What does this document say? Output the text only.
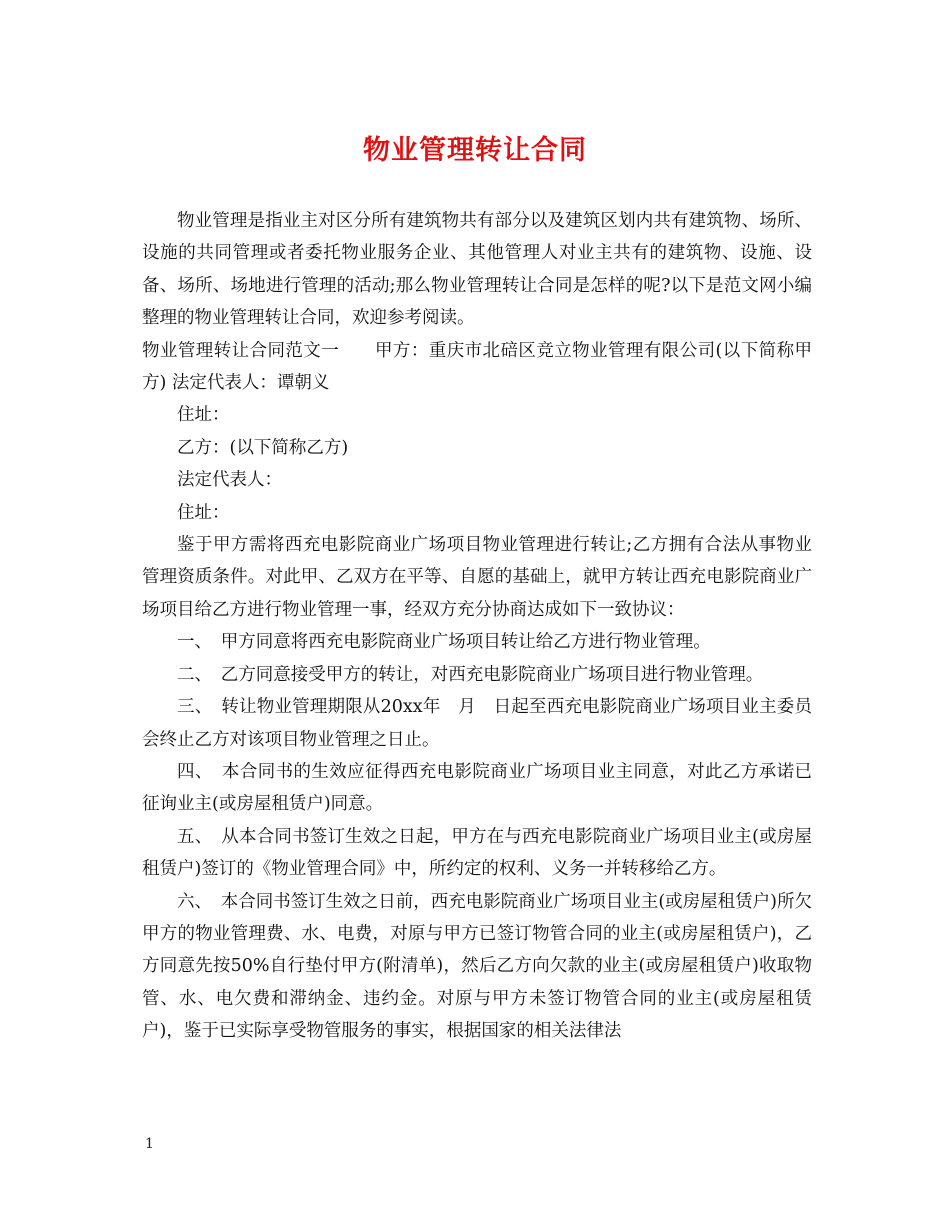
物业管理转让合同

物业管理是指业主对区分所有建筑物共有部分以及建筑区划内共有建筑物、场所、设施的共同管理或者委托物业服务企业、其他管理人对业主共有的建筑物、设施、设备、场所、场地进行管理的活动;那么物业管理转让合同是怎样的呢?以下是范文网小编整理的物业管理转让合同，欢迎参考阅读。

物业管理转让合同范文一　　甲方：重庆市北碚区竞立物业管理有限公司(以下简称甲方) 法定代表人：谭朝义

住址：

乙方：(以下简称乙方)

法定代表人：

住址：

鉴于甲方需将西充电影院商业广场项目物业管理进行转让;乙方拥有合法从事物业管理资质条件。对此甲、乙双方在平等、自愿的基础上，就甲方转让西充电影院商业广场项目给乙方进行物业管理一事，经双方充分协商达成如下一致协议：

一、　甲方同意将西充电影院商业广场项目转让给乙方进行物业管理。

二、　乙方同意接受甲方的转让，对西充电影院商业广场项目进行物业管理。

三、　转让物业管理期限从20xx年　月　日起至西充电影院商业广场项目业主委员会终止乙方对该项目物业管理之日止。

四、　本合同书的生效应征得西充电影院商业广场项目业主同意，对此乙方承诺已征询业主(或房屋租赁户)同意。

五、　从本合同书签订生效之日起，甲方在与西充电影院商业广场项目业主(或房屋租赁户)签订的《物业管理合同》中，所约定的权利、义务一并转移给乙方。

六、　本合同书签订生效之日前，西充电影院商业广场项目业主(或房屋租赁户)所欠甲方的物业管理费、水、电费，对原与甲方已签订物管合同的业主(或房屋租赁户)，乙方同意先按50%自行垫付甲方(附清单)，然后乙方向欠款的业主(或房屋租赁户)收取物管、水、电欠费和滞纳金、违约金。对原与甲方未签订物管合同的业主(或房屋租赁户)，鉴于已实际享受物管服务的事实，根据国家的相关法律法

1
